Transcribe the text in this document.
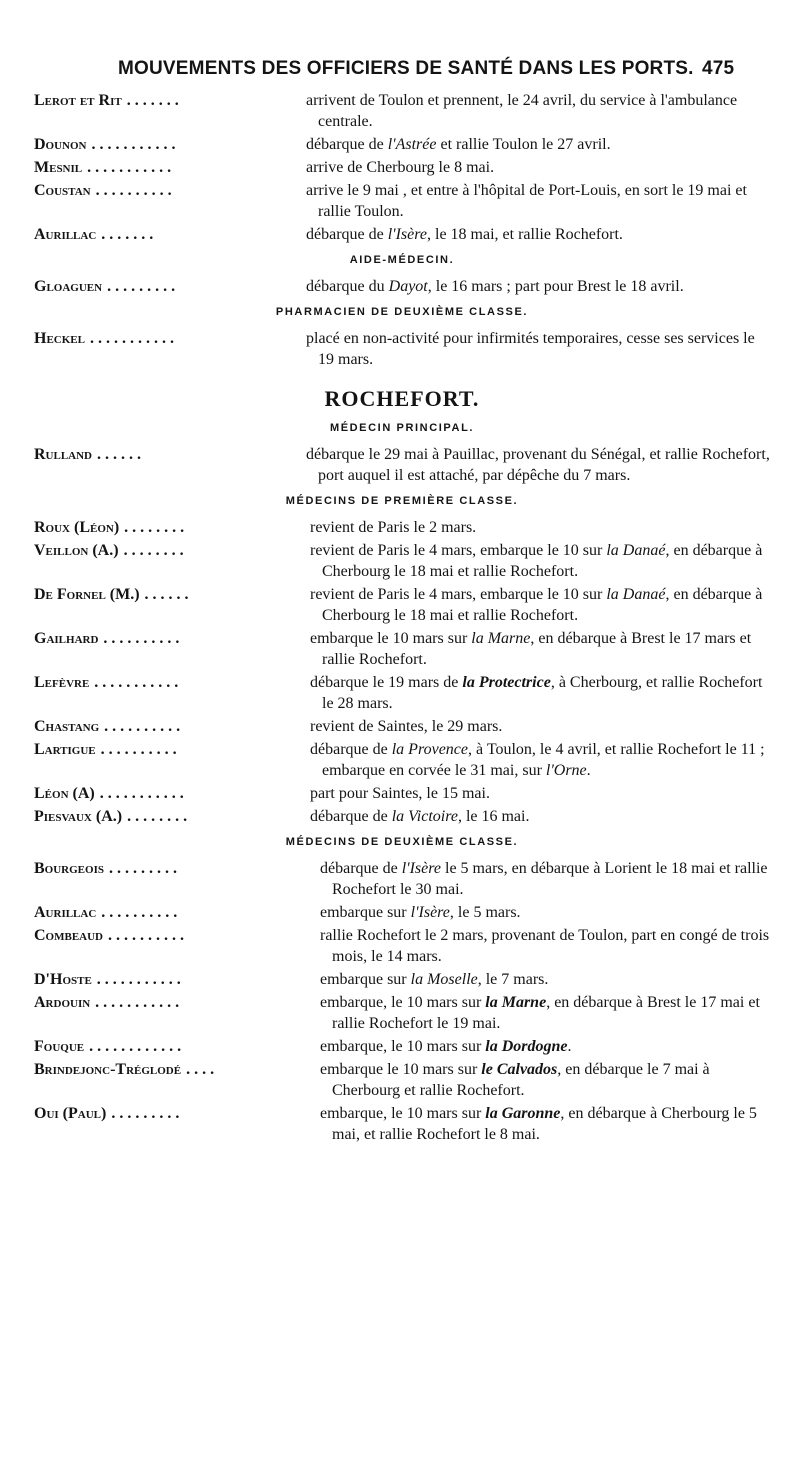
MOUVEMENTS DES OFFICIERS DE SANTÉ DANS LES PORTS. 475
Lerot et Rit . . . . . . .	arrivent de Toulon et prennent, le 24 avril, du service à l'ambulance centrale.
Dounon . . . . . . . . . . .	débarque de l'Astrée et rallie Toulon le 27 avril.
Mesnil . . . . . . . . . . .	arrive de Cherbourg le 8 mai.
Coustan . . . . . . . . . .	arrive le 9 mai , et entre à l'hôpital de Port-Louis, en sort le 19 mai et rallie Toulon.
Aurillac . . . . . . .	débarque de l'Isère, le 18 mai, et rallie Rochefort.
AIDE-MÉDECIN.
Gloaguen . . . . . . . . .	débarque du Dayot, le 16 mars ; part pour Brest le 18 avril.
PHARMACIEN DE DEUXIÈME CLASSE.
Heckel . . . . . . . . . . .	placé en non-activité pour infirmités temporaires, cesse ses services le 19 mars.
ROCHEFORT.
MÉDECIN PRINCIPAL.
Rulland . . . . . .	débarque le 29 mai à Pauillac, provenant du Sénégal, et rallie Rochefort, port auquel il est attaché, par dépêche du 7 mars.
MÉDECINS DE PREMIÈRE CLASSE.
Roux (Léon) . . . . . . . .	revient de Paris le 2 mars.
Veillon (A.) . . . . . . . .	revient de Paris le 4 mars, embarque le 10 sur la Danaé, en débarque à Cherbourg le 18 mai et rallie Rochefort.
De Fornel (M.) . . . . . .	revient de Paris le 4 mars, embarque le 10 sur la Danaé, en débarque à Cherbourg le 18 mai et rallie Rochefort.
Gailhard . . . . . . . . . .	embarque le 10 mars sur la Marne, en débarque à Brest le 17 mars et rallie Rochefort.
Lefèvre . . . . . . . . . . .	débarque le 19 mars de la Protectrice, à Cherbourg, et rallie Rochefort le 28 mars.
Chastang . . . . . . . . . .	revient de Saintes, le 29 mars.
Lartigue . . . . . . . . . .	débarque de la Provence, à Toulon, le 4 avril, et rallie Rochefort le 11 ; embarque en corvée le 31 mai, sur l'Orne.
Léon (A) . . . . . . . . . . .	part pour Saintes, le 15 mai.
Piesvaux (A.) . . . . . . . .	débarque de la Victoire, le 16 mai.
MÉDECINS DE DEUXIÈME CLASSE.
Bourgeois . . . . . . . . .	débarque de l'Isère le 5 mars, en débarque à Lorient le 18 mai et rallie Rochefort le 30 mai.
Aurillac . . . . . . . . . .	embarque sur l'Isère, le 5 mars.
Combeaud . . . . . . . . . .	rallie Rochefort le 2 mars, provenant de Toulon, part en congé de trois mois, le 14 mars.
D'Hoste . . . . . . . . . . .	embarque sur la Moselle, le 7 mars.
Ardouin . . . . . . . . . . .	embarque, le 10 mars sur la Marne, en débarque à Brest le 17 mai et rallie Rochefort le 19 mai.
Fouque . . . . . . . . . . . .	embarque, le 10 mars sur la Dordogne.
Brindejonc-Tréglodé . . . .	embarque le 10 mars sur le Calvados, en débarque le 7 mai à Cherbourg et rallie Rochefort.
Oui (Paul) . . . . . . . . .	embarque, le 10 mars sur la Garonne, en débarque à Cherbourg le 5 mai, et rallie Rochefort le 8 mai.
